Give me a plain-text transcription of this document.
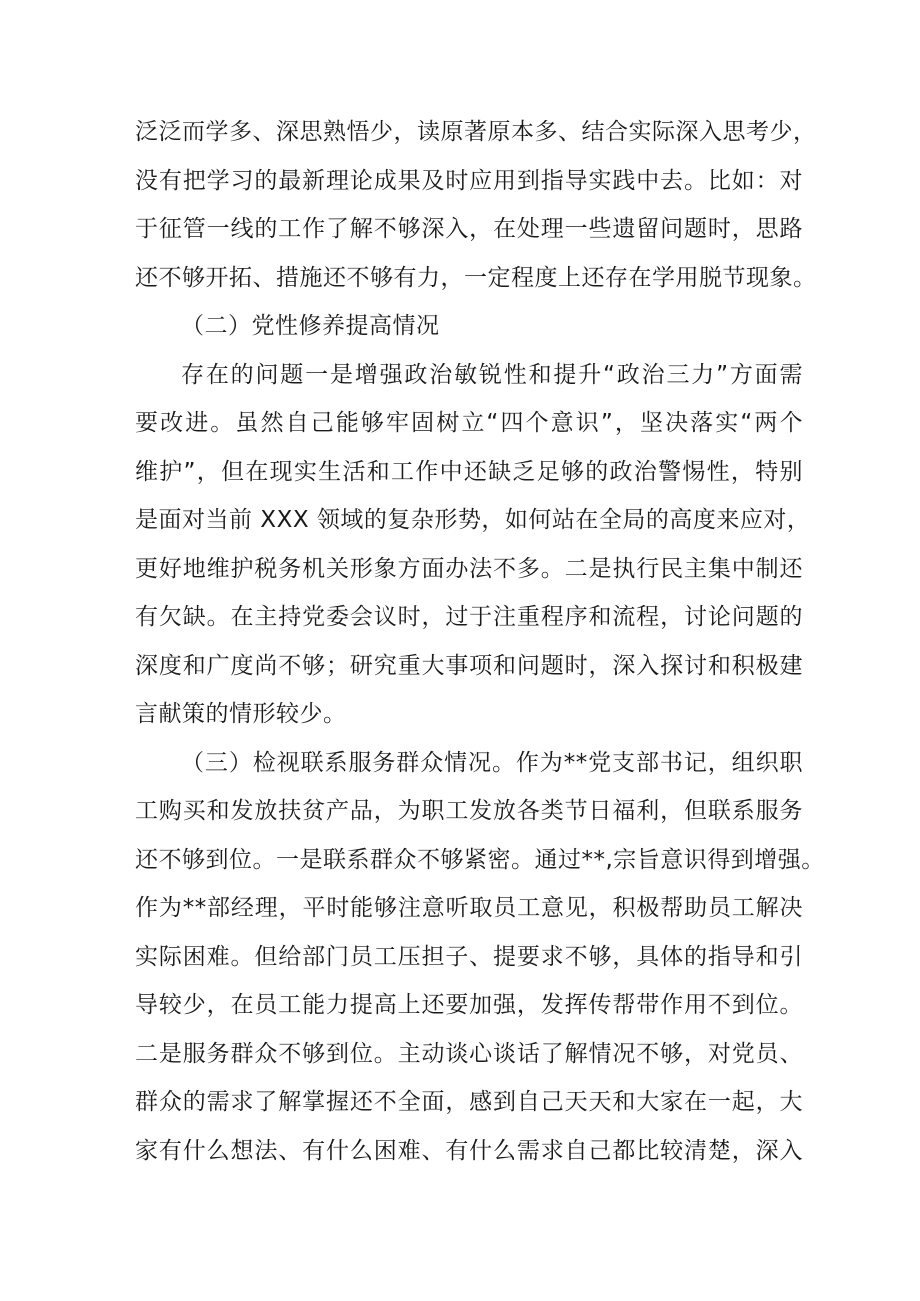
泛泛而学多、深思熟悟少，读原著原本多、结合实际深入思考少，
没有把学习的最新理论成果及时应用到指导实践中去。比如：对
于征管一线的工作了解不够深入，在处理一些遗留问题时，思路
还不够开拓、措施还不够有力，一定程度上还存在学用脱节现象。
（二）党性修养提高情况
存在的问题一是增强政治敏锐性和提升“政治三力”方面需
要改进。虽然自己能够牢固树立“四个意识”，坚决落实“两个
维护”，但在现实生活和工作中还缺乏足够的政治警惕性，特别
是面对当前 XXX 领域的复杂形势，如何站在全局的高度来应对，
更好地维护税务机关形象方面办法不多。二是执行民主集中制还
有欠缺。在主持党委会议时，过于注重程序和流程，讨论问题的
深度和广度尚不够；研究重大事项和问题时，深入探讨和积极建
言献策的情形较少。
（三）检视联系服务群众情况。作为**党支部书记，组织职
工购买和发放扶贫产品，为职工发放各类节日福利，但联系服务
还不够到位。一是联系群众不够紧密。通过**,宗旨意识得到增强。
作为**部经理，平时能够注意听取员工意见，积极帮助员工解决
实际困难。但给部门员工压担子、提要求不够，具体的指导和引
导较少，在员工能力提高上还要加强，发挥传帮带作用不到位。
二是服务群众不够到位。主动谈心谈话了解情况不够，对党员、
群众的需求了解掌握还不全面，感到自己天天和大家在一起，大
家有什么想法、有什么困难、有什么需求自己都比较清楚，深入
